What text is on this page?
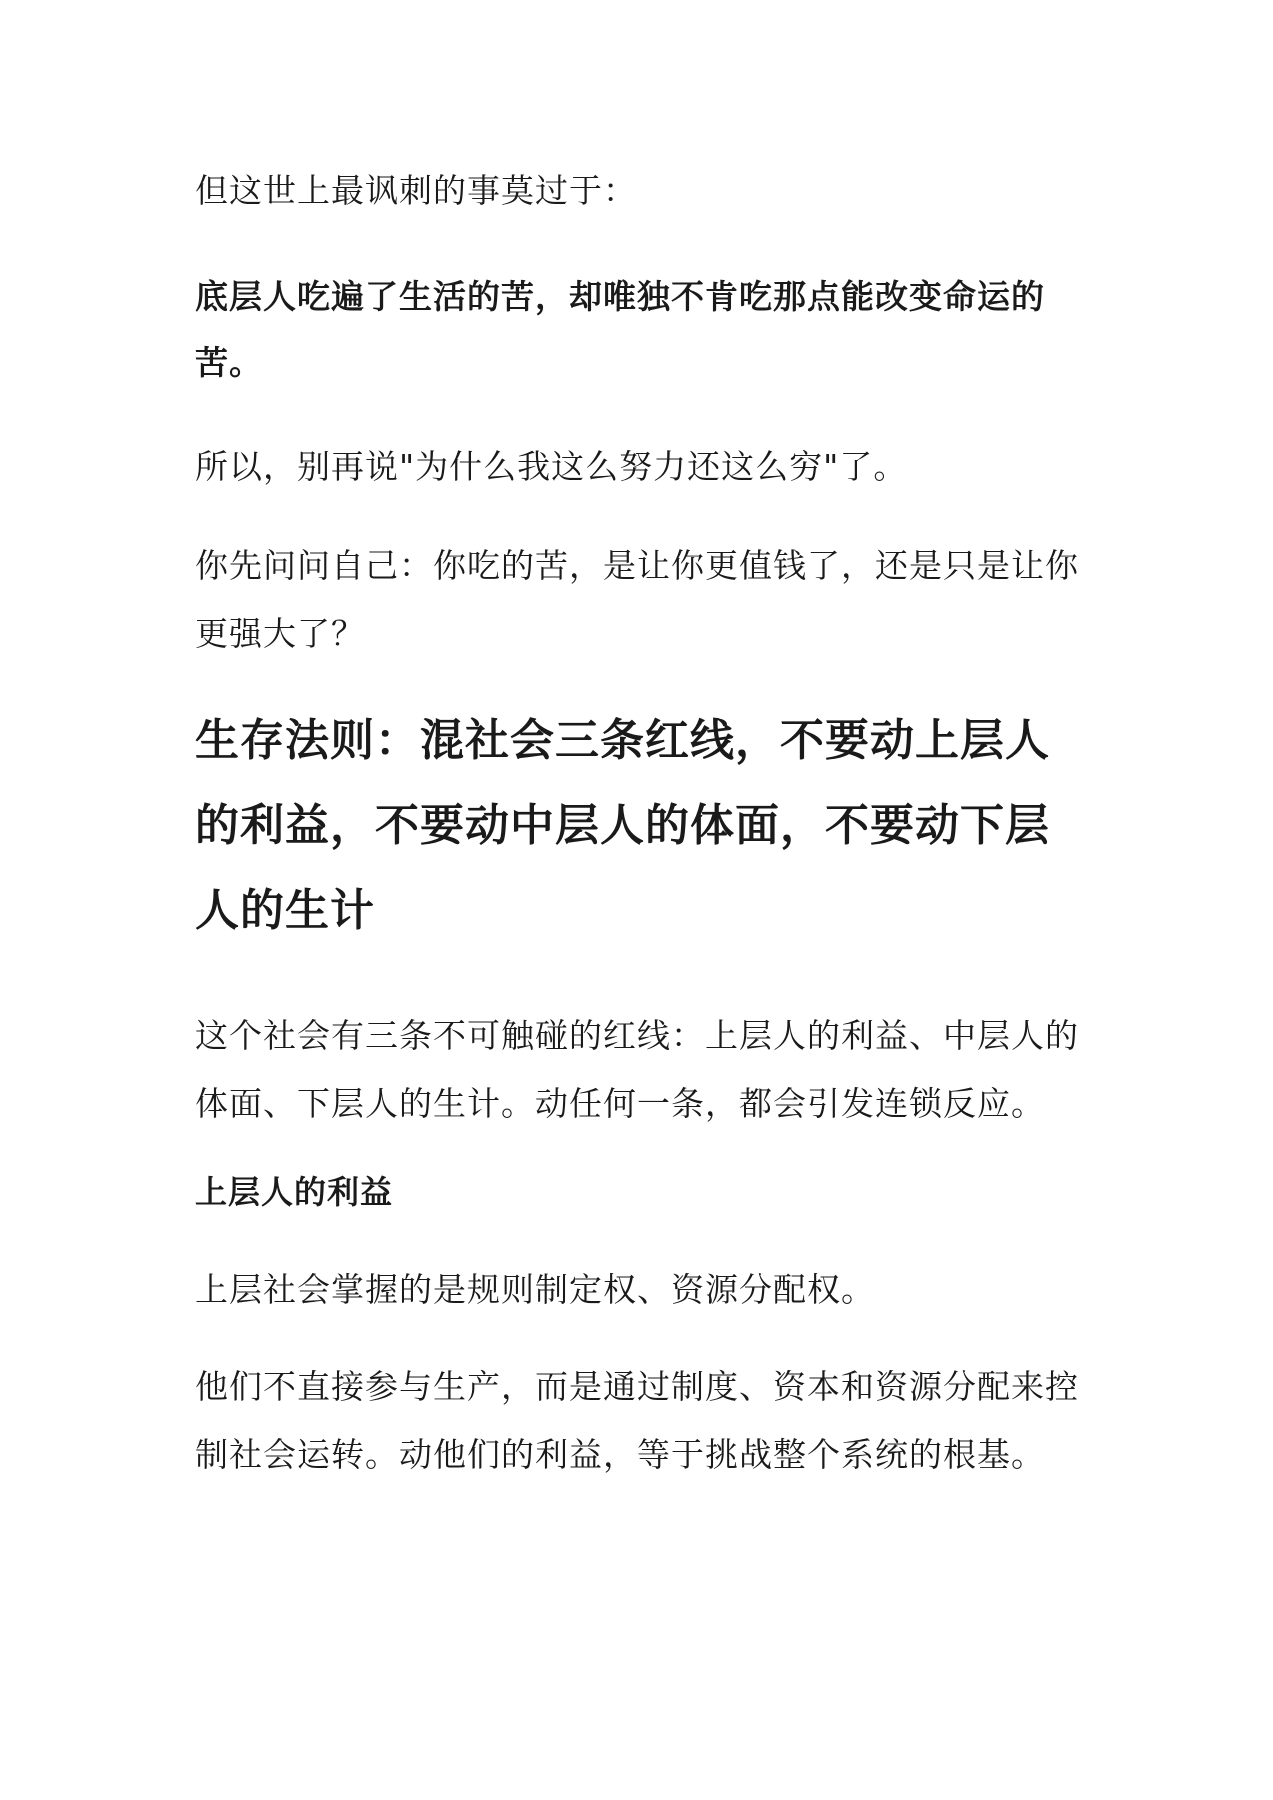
但这世上最讽刺的事莫过于：

底层人吃遍了生活的苦，却唯独不肯吃那点能改变命运的苦。

所以，别再说"为什么我这么努力还这么穷"了。

你先问问自己：你吃的苦，是让你更值钱了，还是只是让你更强大了？

生存法则：混社会三条红线，不要动上层人的利益，不要动中层人的体面，不要动下层人的生计

这个社会有三条不可触碰的红线：上层人的利益、中层人的体面、下层人的生计。动任何一条，都会引发连锁反应。

上层人的利益

上层社会掌握的是规则制定权、资源分配权。

他们不直接参与生产，而是通过制度、资本和资源分配来控制社会运转。动他们的利益，等于挑战整个系统的根基。
